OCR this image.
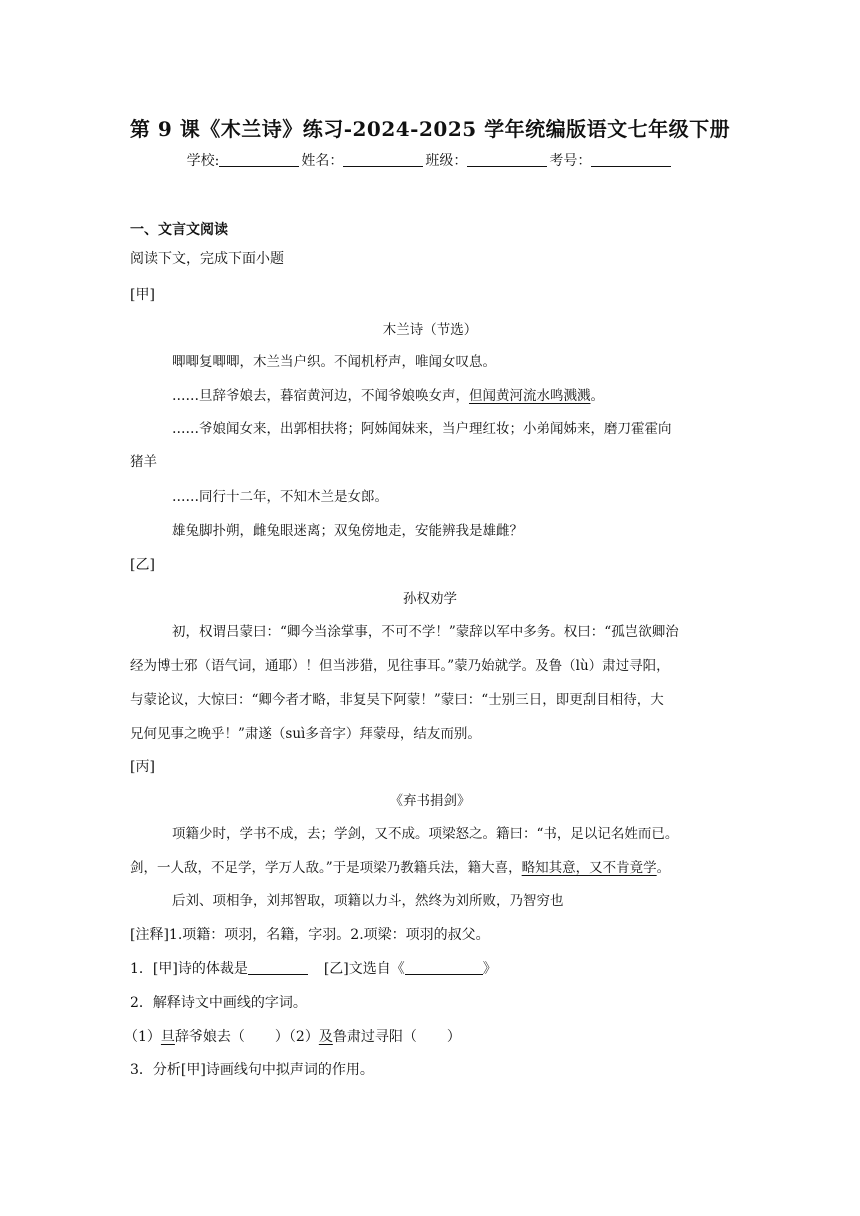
第 9 课《木兰诗》练习-2024-2025 学年统编版语文七年级下册
学校:	姓名：	班级：	考号：
一、文言文阅读
阅读下文，完成下面小题
[甲]
木兰诗（节选）
唧唧复唧唧，木兰当户织。不闻机杼声，唯闻女叹息。
……旦辞爷娘去，暮宿黄河边，不闻爷娘唤女声，但闻黄河流水鸣溅溅。
……爷娘闻女来，出郭相扶将；阿姊闻妹来，当户理红妆；小弟闻姊来，磨刀霍霍向
猪羊
……同行十二年，不知木兰是女郎。
雄兔脚扑朔，雌兔眼迷离；双兔傍地走，安能辨我是雄雌？
[乙]
孙权劝学
初，权谓吕蒙曰：“卿今当涂掌事，不可不学！”蒙辞以军中多务。权曰：“孤岂欲卿治
经为博士邪（语气词，通耶）！但当涉猎，见往事耳。”蒙乃始就学。及鲁（lù）肃过寻阳，
与蒙论议，大惊曰：“卿今者才略，非复吴下阿蒙！”蒙曰：“士别三日，即更刮目相待，大
兄何见事之晚乎！”肃遂（suì多音字）拜蒙母，结友而别。
[丙]
《弃书捐剑》
项籍少时，学书不成，去；学剑，又不成。项梁怒之。籍曰：“书，足以记名姓而已。
剑，一人敌，不足学，学万人敌。”于是项梁乃教籍兵法，籍大喜，略知其意，又不肯竟学。
后刘、项相争，刘邦智取，项籍以力斗，然终为刘所败，乃智穷也
[注释]1.项籍：项羽，名籍，字羽。2.项梁：项羽的叔父。
1．[甲]诗的体裁是	[乙]文选自《	》
2．解释诗文中画线的字词。
（1）旦辞爷娘去（ ）（2）及鲁肃过寻阳（ ）
3．分析[甲]诗画线句中拟声词的作用。
